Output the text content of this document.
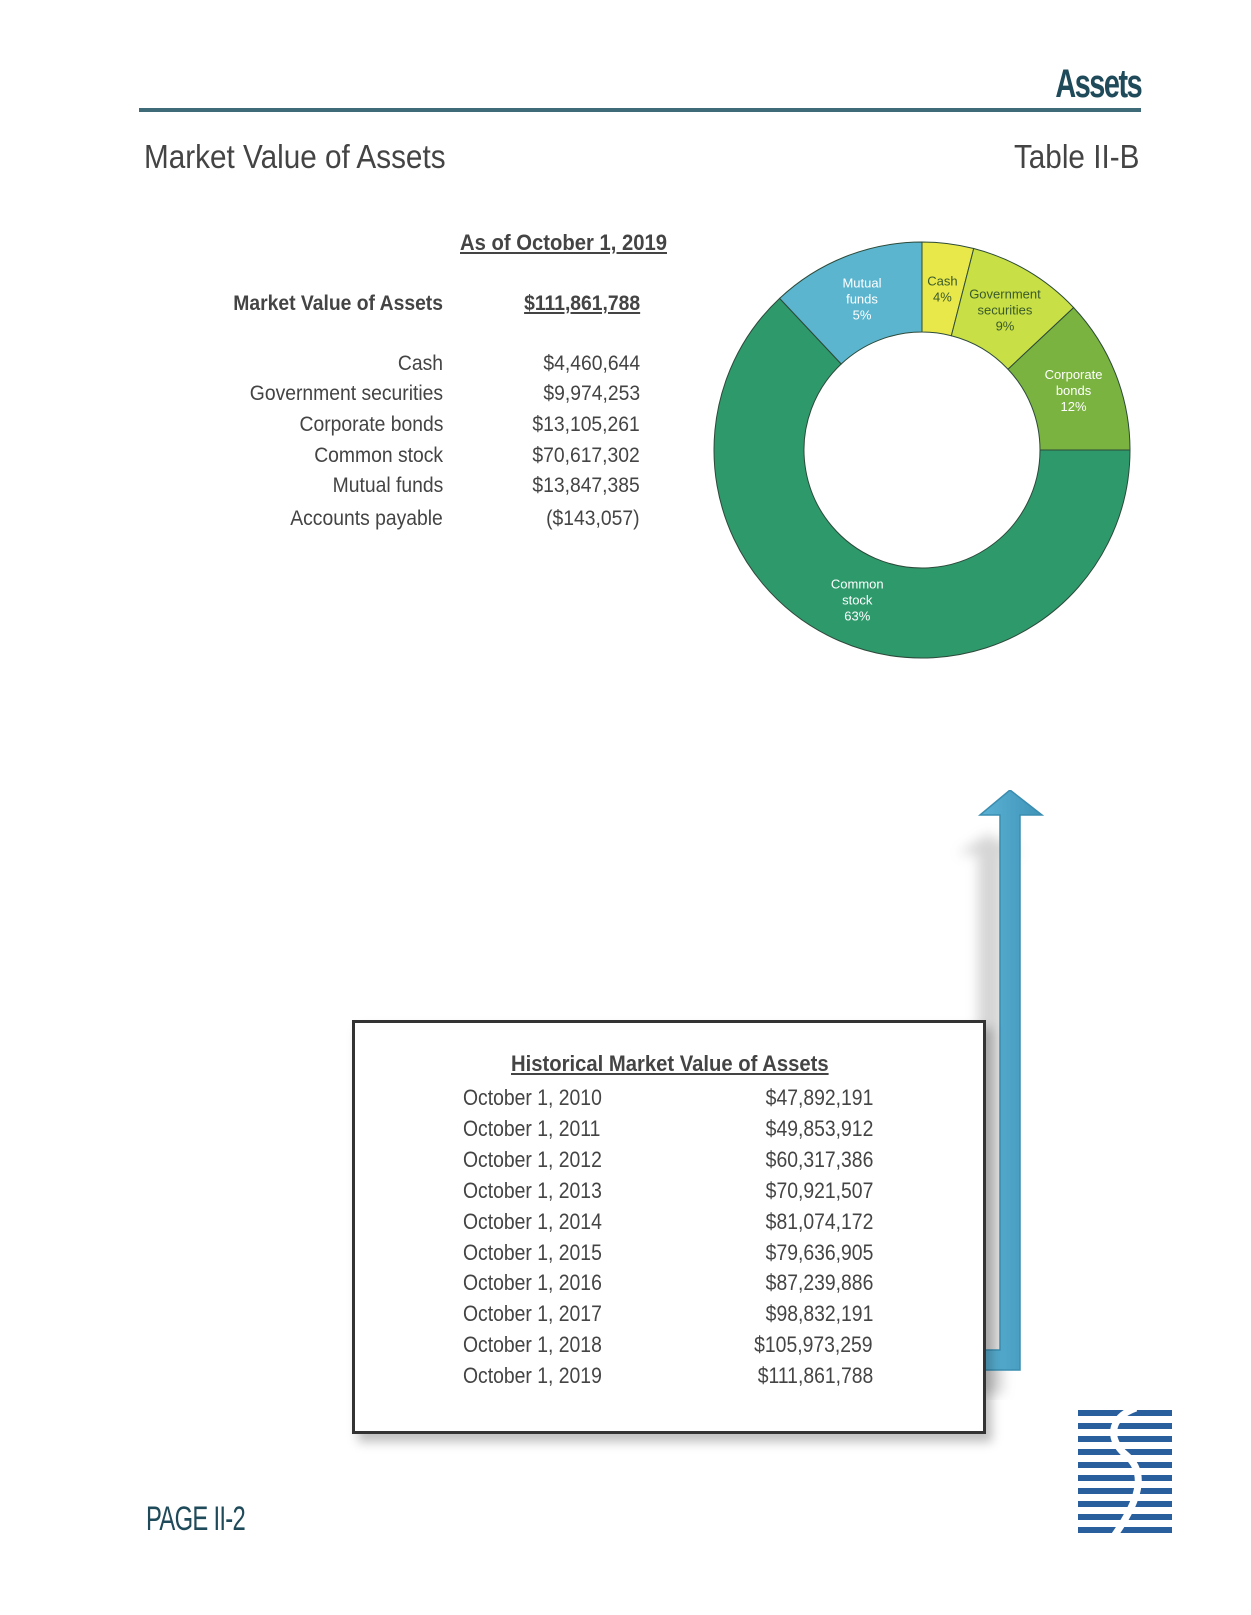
Assets
Market Value of Assets	Table II-B
As of October 1, 2019
Market Value of Assets	$111,861,788
Cash	$4,460,644
Government securities	$9,974,253
Corporate bonds	$13,105,261
Common stock	$70,617,302
Mutual funds	$13,847,385
Accounts payable	($143,057)
Cash 4%	Government securities 9%
Corporate bonds 12%
Common stock 63%
Mutual funds 5%
Historical Market Value of Assets
October 1, 2010	$47,892,191
October 1, 2011	$49,853,912
October 1, 2012	$60,317,386
October 1, 2013	$70,921,507
October 1, 2014	$81,074,172
October 1, 2015	$79,636,905
October 1, 2016	$87,239,886
October 1, 2017	$98,832,191
October 1, 2018	$105,973,259
October 1, 2019	$111,861,788
PAGE II-2
